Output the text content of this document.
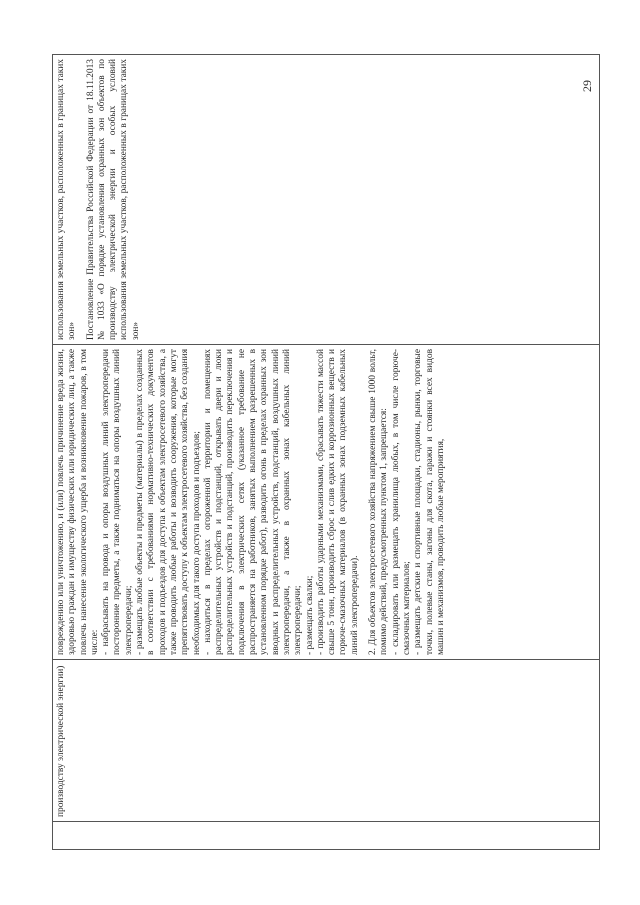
29

производству электрической энергии)

повреждению или уничтожению, и (или) повлечь причинение вреда жизни, здоровью граждан и имуществу физических или юридических лиц, а также повлечь нанесение экологического ущерба и возникновение пожаров, в том числе: - набрасывать на провода и опоры воздушных линий электропередачи посторонние предметы, а также подниматься на опоры воздушных линий электропередачи; - размещать любые объекты и предметы (материалы) в пределах созданных в соответствии с требованиями нормативно-технических документов проходов и подъездов для доступа к объектам электросетевого хозяйства, а также проводить любые работы и возводить сооружения, которые могут препятствовать доступу к объектам электросетевого хозяйства, без создания необходимых для такого доступа проходов и подъездов; - находиться в пределах огороженной территории и помещениях распределительных устройств и подстанций, открывать двери и люки распределительных устройств и подстанций, производить переключения и подключения в электрических сетях (указанное требование не распространяется на работников, занятых выполнением разрешенных в установленном порядке работ), разводить огонь в пределах охранных зон вводных и распределительных устройств, подстанций, воздушных линий электропередачи, а также в охранных зонах кабельных линий электропередачи; - размещать свалки; - производить работы ударными механизмами, сбрасывать тяжести массой свыше 5 тонн, производить сброс и слив едких и коррозионных веществ и горюче-смазочных материалов (в охранных зонах подземных кабельных линий электропередачи). 2. Для объектов электросетевого хозяйства напряжением свыше 1000 вольт, помимо действий, предусмотренных пунктом 1, запрещается: - складировать или размещать хранилища любых, в том числе горюче-смазочных материалов; - размещать детские и спортивные площадки, стадионы, рынки, торговые точки, полевые станы, загоны для скота, гаражи и стоянки всех видов машин и механизмов, проводить любые мероприятия,

использования земельных участков, расположенных в границах таких зон» Постановление Правительства Российской Федерации от 18.11.2013 № 1033 «О порядке установления охранных зон объектов по производству электрической энергии и особых условий использования земельных участков, расположенных в границах таких зон»
